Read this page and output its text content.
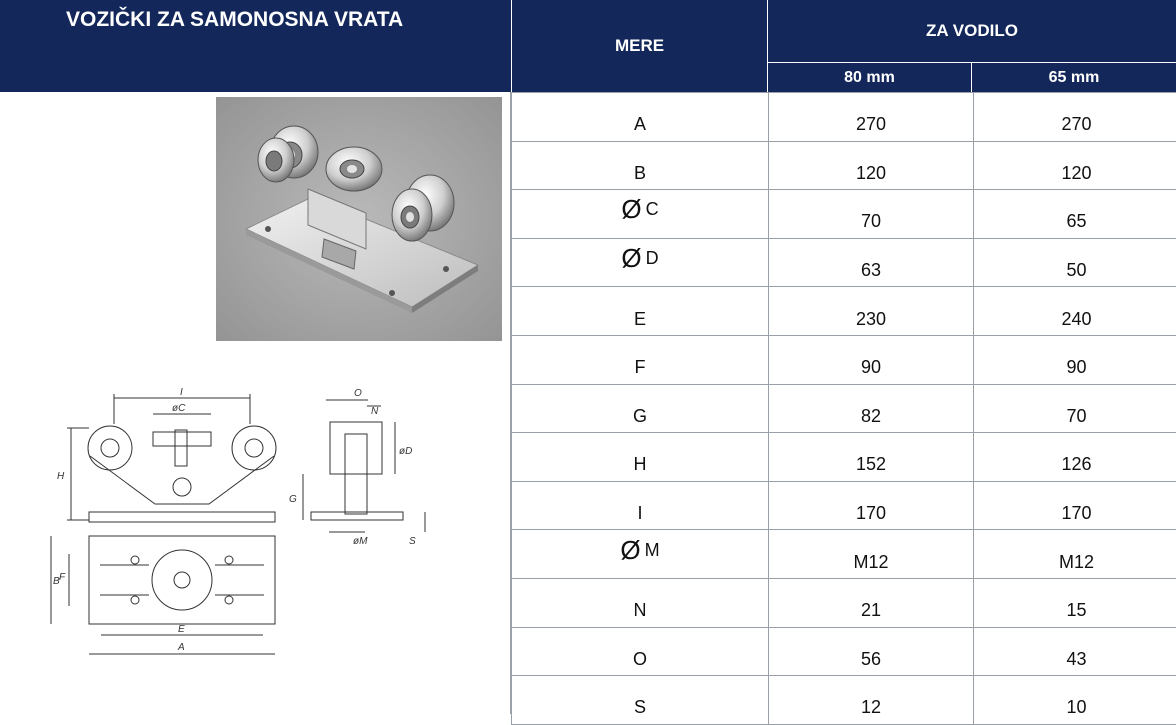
VOZIČKI ZA SAMONOSNA VRATA
MERE
ZA VODILO
80 mm	65 mm
I
øC
H
O
N
øD
G
øM	S
B F
E
A
A	270	270
B	120	120
Ø C	70	65
Ø D	63	50
E	230	240
F	90	90
G	82	70
H	152	126
I	170	170
Ø M	M12	M12
N	21	15
O	56	43
S	12	10
